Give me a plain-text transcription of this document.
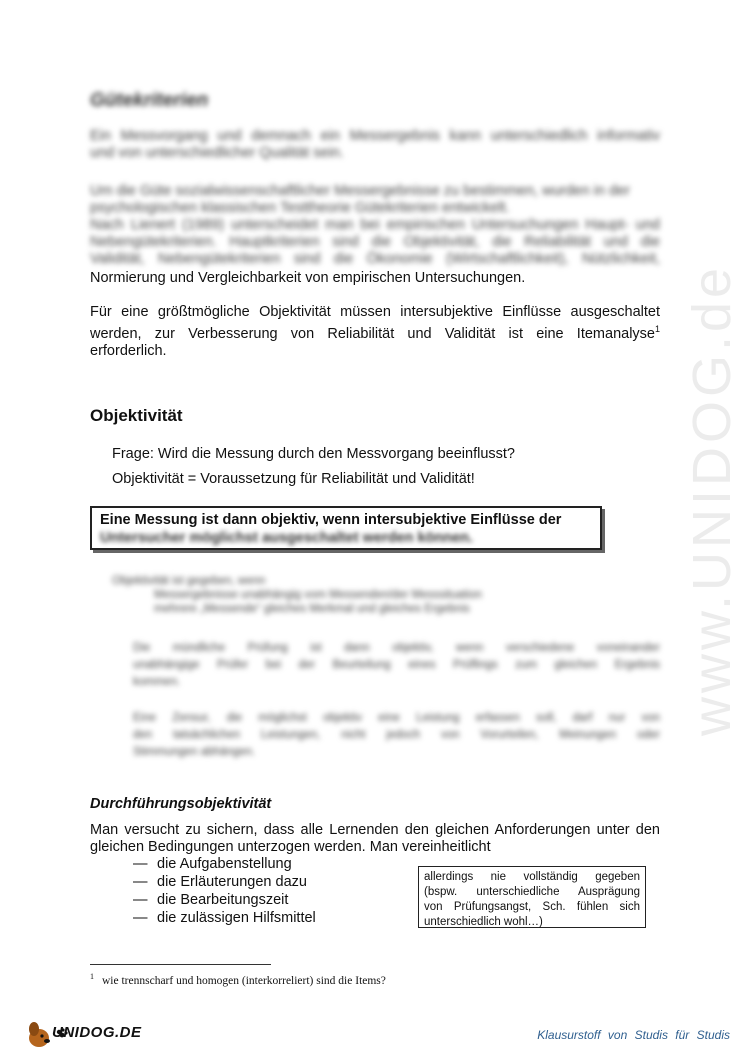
www.UNIDOG.de
Gütekriterien
Ein Messvorgang und demnach ein Messergebnis kann unterschiedlich informativ
und von unterschiedlicher Qualität sein.
Um die Güte sozialwissenschaftlicher Messergebnisse zu bestimmen, wurden in der
psychologischen klassischen Testtheorie Gütekriterien entwickelt.
Nach Lienert (1989) unterscheidet man bei empirischen Untersuchungen Haupt- und
Nebengütekriterien. Hauptkriterien sind die Objektivität, die Reliabilität und die
Validität, Nebengütekriterien sind die Ökonomie (Wirtschaftlichkeit), Nützlichkeit,
Normierung und Vergleichbarkeit von empirischen Untersuchungen.
Für eine größtmögliche Objektivität müssen intersubjektive Einflüsse ausgeschaltet
werden, zur Verbesserung von Reliabilität und Validität ist eine Itemanalyse$^1$
erforderlich.
Objektivität
Frage: Wird die Messung durch den Messvorgang beeinflusst?
Objektivität = Voraussetzung für Reliabilität und Validität!
Eine Messung ist dann objektiv, wenn intersubjektive Einflüsse der
Untersucher möglichst ausgeschaltet werden können.
Objektivität ist gegeben, wenn
Messergebnisse unabhängig vom Messenden/der Messsituation
mehrere „Messende“ gleiches Merkmal und gleiches Ergebnis
Die mündliche Prüfung ist dann objektiv, wenn verschiedene voneinander
unabhängige Prüfer bei der Beurteilung eines Prüflings zum gleichen Ergebnis
kommen.
Eine Zensur, die möglichst objektiv eine Leistung erfassen soll, darf nur von
den tatsächlichen Leistungen, nicht jedoch von Vorurteilen, Meinungen oder
Stimmungen abhängen.
Durchführungsobjektivität
Man versucht zu sichern, dass alle Lernenden den gleichen Anforderungen unter den
gleichen Bedingungen unterzogen werden. Man vereinheitlicht
— die Aufgabenstellung
— die Erläuterungen dazu
— die Bearbeitungszeit
— die zulässigen Hilfsmittel
allerdings nie vollständig gegeben
(bspw. unterschiedliche Ausprägung
von Prüfungsangst, Sch. fühlen sich
unterschiedlich wohl…)
$^1$ wie trennscharf und homogen (interkorreliert) sind die Items?
UNIDOG.DE	Klausurstoff von Studis für Studis
